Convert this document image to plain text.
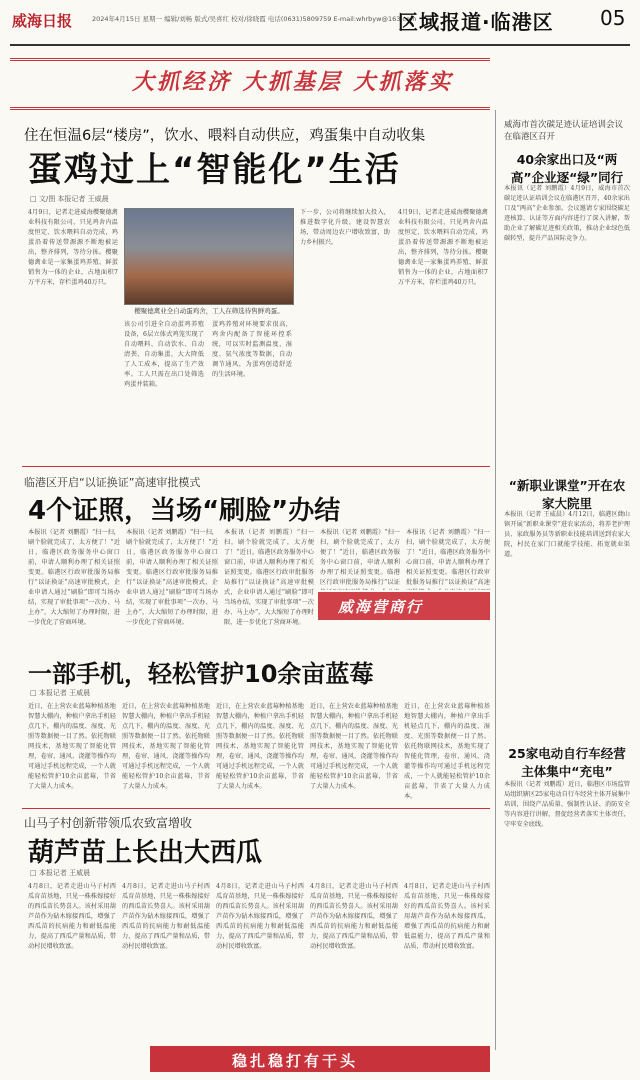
威海日报	2024年4月15日 星期一 编辑/刘畅 版式/吴喜红 校对/徐晓霞 电话(0631)5809759 E-mail:whrbyw@163.com
区域报道·临港区 05
大抓经济 大抓基层 大抓落实
住在恒温6层“楼房”，饮水、喂料自动供应，鸡蛋集中自动收集
蛋鸡过上“智能化”生活
□ 文/图 本报记者 王威晨
4月9日，记者走进威海樱聚德禽业科技有限公司，只见鸡舍内温度恒定、饮水喂料自动完成，鸡蛋沿着传送带源源不断地被运出，整齐排列，等待分拣。樱聚德禽业是一家集蛋鸡养殖、鲜蛋销售为一体的企业，占地面积7万平方米，存栏蛋鸡40万只。
樱聚德禽业全自动蛋鸡舍，工人在筛选待售鲜鸡蛋。
该公司引进全自动蛋鸡养殖设备，6层立体式鸡笼实现了自动喂料、自动饮水、自动清粪、自动集蛋，大大降低了人工成本，提高了生产效率。工人只需在出口处筛选鸡蛋并装箱。
蛋鸡养殖对环境要求很高，鸡舍内配备了智能环控系统，可以实时监测温度、湿度、氨气浓度等数据，自动调节通风，为蛋鸡创造舒适的生活环境。
下一步，公司将继续加大投入，推进数字化升级，建设智慧农场，带动周边农户增收致富，助力乡村振兴。
4月9日，记者走进威海樱聚德禽业科技有限公司，只见鸡舍内温度恒定、饮水喂料自动完成，鸡蛋沿着传送带源源不断地被运出，整齐排列，等待分拣。樱聚德禽业是一家集蛋鸡养殖、鲜蛋销售为一体的企业，占地面积7万平方米，存栏蛋鸡40万只。
临港区开启“以证换证”高速审批模式
4个证照，当场“刷脸”办结
本报讯（记者 刘鹏霞）“扫一扫，刷个脸就完成了，太方便了！”近日，临港区政务服务中心窗口前，申请人顺利办理了相关证照变更。临港区行政审批服务局推行“以证换证”高速审批模式，企业申请人通过“刷脸”即可当场办结，实现了审批事项“一次办、马上办”，大大缩短了办理时限，进一步优化了营商环境。
本报讯（记者 刘鹏霞）“扫一扫，刷个脸就完成了，太方便了！”近日，临港区政务服务中心窗口前，申请人顺利办理了相关证照变更。临港区行政审批服务局推行“以证换证”高速审批模式，企业申请人通过“刷脸”即可当场办结，实现了审批事项“一次办、马上办”，大大缩短了办理时限，进一步优化了营商环境。
本报讯（记者 刘鹏霞）“扫一扫，刷个脸就完成了，太方便了！”近日，临港区政务服务中心窗口前，申请人顺利办理了相关证照变更。临港区行政审批服务局推行“以证换证”高速审批模式，企业申请人通过“刷脸”即可当场办结，实现了审批事项“一次办、马上办”，大大缩短了办理时限，进一步优化了营商环境。
本报讯（记者 刘鹏霞）“扫一扫，刷个脸就完成了，太方便了！”近日，临港区政务服务中心窗口前，申请人顺利办理了相关证照变更。临港区行政审批服务局推行“以证
本报讯（记者 刘鹏霞）“扫一扫，刷个脸就完成了，太方便了！”近日，临港区政务服务中心窗口前，申请人顺利办理了相关证照变更。临港区行政审批服务局推行“以证换证”高速
威海营商行
一部手机，轻松管护10余亩蓝莓
□ 本报记者 王威晨
近日，在上营农业蓝莓种植基地智慧大棚内，种植户拿出手机轻点几下，棚内的温度、湿度、光照等数据便一目了然。依托物联网技术，基地实现了智能化管理，卷帘、通风、浇灌等操作均可通过手机远程完成，一个人就能轻松管护10余亩蓝莓，节省了大量人力成本。
近日，在上营农业蓝莓种植基地智慧大棚内，种植户拿出手机轻点几下，棚内的温度、湿度、光照等数据便一目了然。依托物联网技术，基地实现了智能化管理，卷帘、通风、浇灌等操作均可通过手机远程完成，一个人就能轻松管护10余亩蓝莓，节省了大量人力成本。
近日，在上营农业蓝莓种植基地智慧大棚内，种植户拿出手机轻点几下，棚内的温度、湿度、光照等数据便一目了然。依托物联网技术，基地实现了智能化管理，卷帘、通风、浇灌等操作均可通过手机远程完成，一个人就能轻松管护10余亩蓝莓，节省了大量人力成本。
近日，在上营农业蓝莓种植基地智慧大棚内，种植户拿出手机轻点几下，棚内的温度、湿度、光照等数据便一目了然。依托物联网技术，基地实现了智能化管理，卷帘、通风、浇灌等操作均可通过手机远程完成，一个人就能轻松管护10余亩蓝莓，节省了大量人力成本。
近日，在上营农业蓝莓种植基地智慧大棚内，种植户拿出手机轻点几下，棚内的温度、湿度、光照等数据便一目了然。依托物联网技术，基地实现了智能化管理，卷帘、通风、浇灌等操作均可通过手机远程完成，一个人就能轻松管护10余亩蓝莓，节省了大量人力成本。
山马子村创新带领瓜农致富增收
葫芦苗上长出大西瓜
□ 本报记者 王威晨
4月8日，记者走进山马子村西瓜育苗基地，只见一株株嫁接好的西瓜苗长势喜人。该村采用葫芦苗作为砧木嫁接西瓜，增强了西瓜苗的抗病能力和耐低温能力，提高了西瓜产量和品质，带动村民增收致富。
4月8日，记者走进山马子村西瓜育苗基地，只见一株株嫁接好的西瓜苗长势喜人。该村采用葫芦苗作为砧木嫁接西瓜，增强了西瓜苗的抗病能力和耐低温能力，提高了西瓜产量和品质，带动村民增收致富。
4月8日，记者走进山马子村西瓜育苗基地，只见一株株嫁接好的西瓜苗长势喜人。该村采用葫芦苗作为砧木嫁接西瓜，增强了西瓜苗的抗病能力和耐低温能力，提高了西瓜产量和品质，带动村民增收致富。
4月8日，记者走进山马子村西瓜育苗基地，只见一株株嫁接好的西瓜苗长势喜人。该村采用葫芦苗作为砧木嫁接西瓜，增强了西瓜苗的抗病能力和耐低温能力，提高了西瓜产量和品质，带动村民增收致富。
4月8日，记者走进山马子村西瓜育苗基地，只见一株株嫁接好的西瓜苗长势喜人。该村采用葫芦苗作为砧木嫁接西瓜，增强了西瓜苗的抗病能力和耐低温能力，提高了西瓜产量和品质，带动村民增收致富。
威海市首次碳足迹认证培训会议在临港区召开
40余家出口及“两高”企业逐“绿”同行
本报讯（记者 刘鹏霞）4月9日，威海市首次碳足迹认证培训会议在临港区召开，40余家出口及“两高”企业参加。会议邀请专家围绕碳足迹核算、认证等方面内容进行了深入讲解，帮助企业了解碳足迹相关政策，推动企业绿色低碳转型，提升产品国际竞争力。
“新职业课堂”开在农家大院里
本报讯（记者 王威晨）4月12日，临港区蔄山镇开展“新职业课堂”进农家活动，将养老护理员、家政服务员等新职业技能培训送到农家大院，村民在家门口就能学技能、拓宽就业渠道。
25家电动自行车经营主体集中“充电”
本报讯（记者 刘鹏霞）近日，临港区市场监管局组织辖区25家电动自行车经营主体开展集中培训，围绕产品质量、强制性认证、消防安全等内容进行讲解，督促经营者落实主体责任，守牢安全底线。
稳扎稳打有干头
